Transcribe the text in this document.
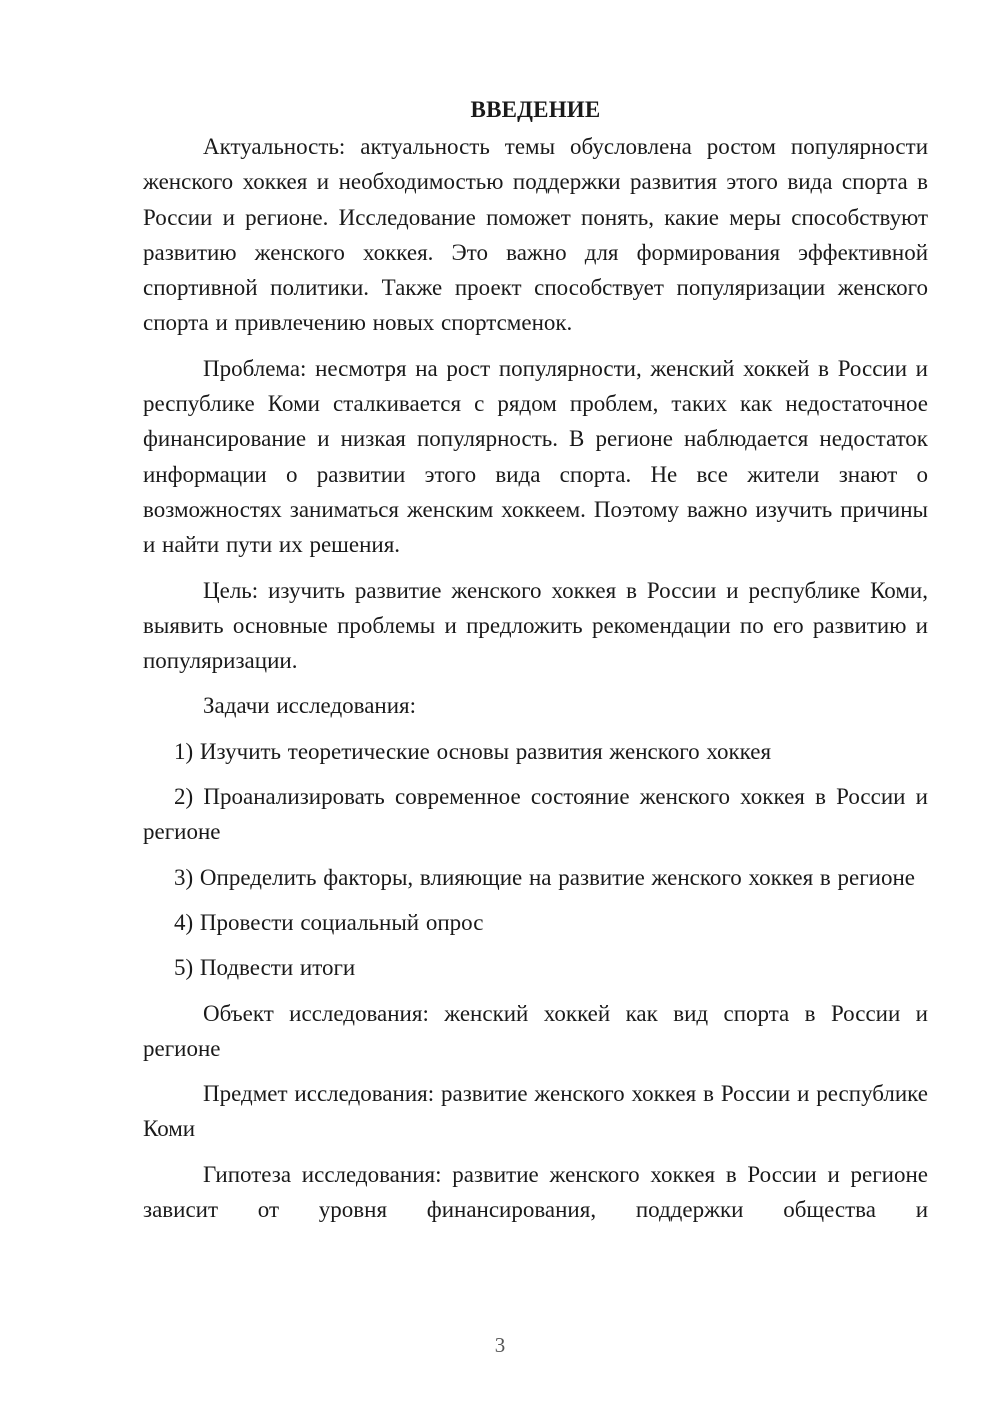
ВВЕДЕНИЕ

Актуальность: актуальность темы обусловлена ростом популярности женского хоккея и необходимостью поддержки развития этого вида спорта в России и регионе. Исследование поможет понять, какие меры способствуют развитию женского хоккея. Это важно для формирования эффективной спортивной политики. Также проект способствует популяризации женского спорта и привлечению новых спортсменок.

Проблема: несмотря на рост популярности, женский хоккей в России и республике Коми сталкивается с рядом проблем, таких как недостаточное финансирование и низкая популярность. В регионе наблюдается недостаток информации о развитии этого вида спорта. Не все жители знают о возможностях заниматься женским хоккеем. Поэтому важно изучить причины и найти пути их решения.

Цель: изучить развитие женского хоккея в России и республике Коми, выявить основные проблемы и предложить рекомендации по его развитию и популяризации.

Задачи исследования:

1) Изучить теоретические основы развития женского хоккея

2) Проанализировать современное состояние женского хоккея в России и регионе

3) Определить факторы, влияющие на развитие женского хоккея в регионе

4) Провести социальный опрос

5) Подвести итоги

Объект исследования: женский хоккей как вид спорта в России и регионе

Предмет исследования: развитие женского хоккея в России и республике Коми

Гипотеза исследования: развитие женского хоккея в России и регионе зависит от уровня финансирования, поддержки общества и

3
